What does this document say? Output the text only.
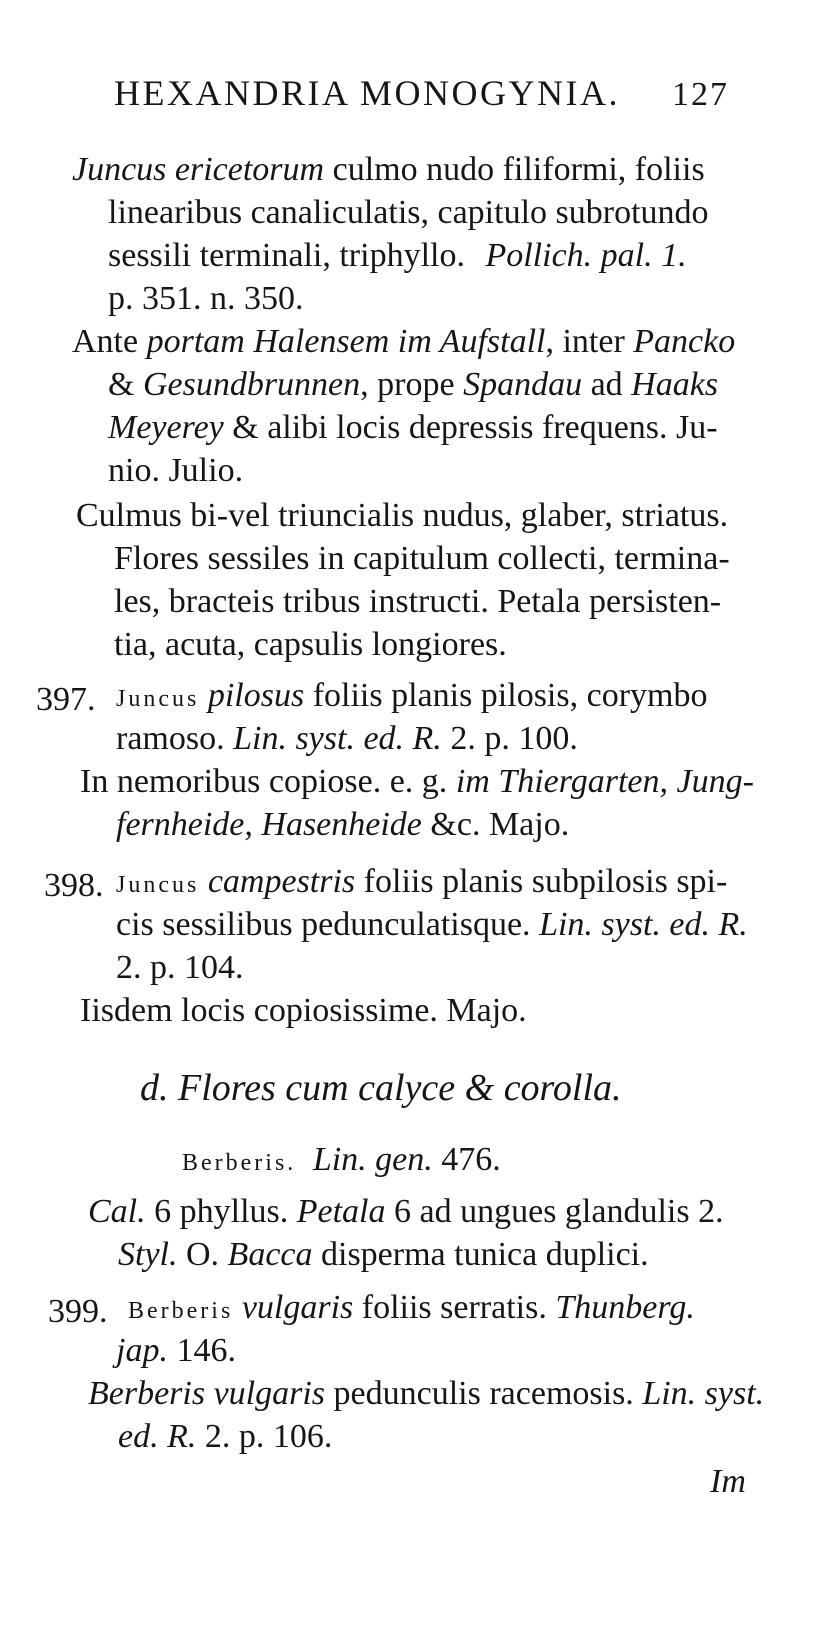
HEXANDRIA MONOGYNIA. 127
Juncus ericetorum culmo nudo filiformi, foliis
linearibus canaliculatis, capitulo subrotundo
sessili terminali, triphyllo. Pollich. pal. 1.
p. 351. n. 350.
Ante portam Halensem im Aufstall, inter Pancko
& Gesundbrunnen, prope Spandau ad Haaks
Meyerey & alibi locis depressis frequens. Ju-
nio. Julio.
Culmus bi-vel triuncialis nudus, glaber, striatus.
Flores sessiles in capitulum collecti, termina-
les, bracteis tribus instructi. Petala persisten-
tia, acuta, capsulis longiores.
397. Juncus pilosus foliis planis pilosis, corymbo
ramoso. Lin. syst. ed. R. 2. p. 100.
In nemoribus copiose. e. g. im Thiergarten, Jung-
fernheide, Hasenheide &c. Majo.
398. Juncus campestris foliis planis subpilosis spi-
cis sessilibus pedunculatisque. Lin. syst. ed. R.
2. p. 104.
Iisdem locis copiosissime. Majo.
d. Flores cum calyce & corolla.
Berberis. Lin. gen. 476.
Cal. 6 phyllus. Petala 6 ad ungues glandulis 2.
Styl. O. Bacca disperma tunica duplici.
399. Berberis vulgaris foliis serratis. Thunberg.
jap. 146.
Berberis vulgaris pedunculis racemosis. Lin. syst.
ed. R. 2. p. 106.
Im
